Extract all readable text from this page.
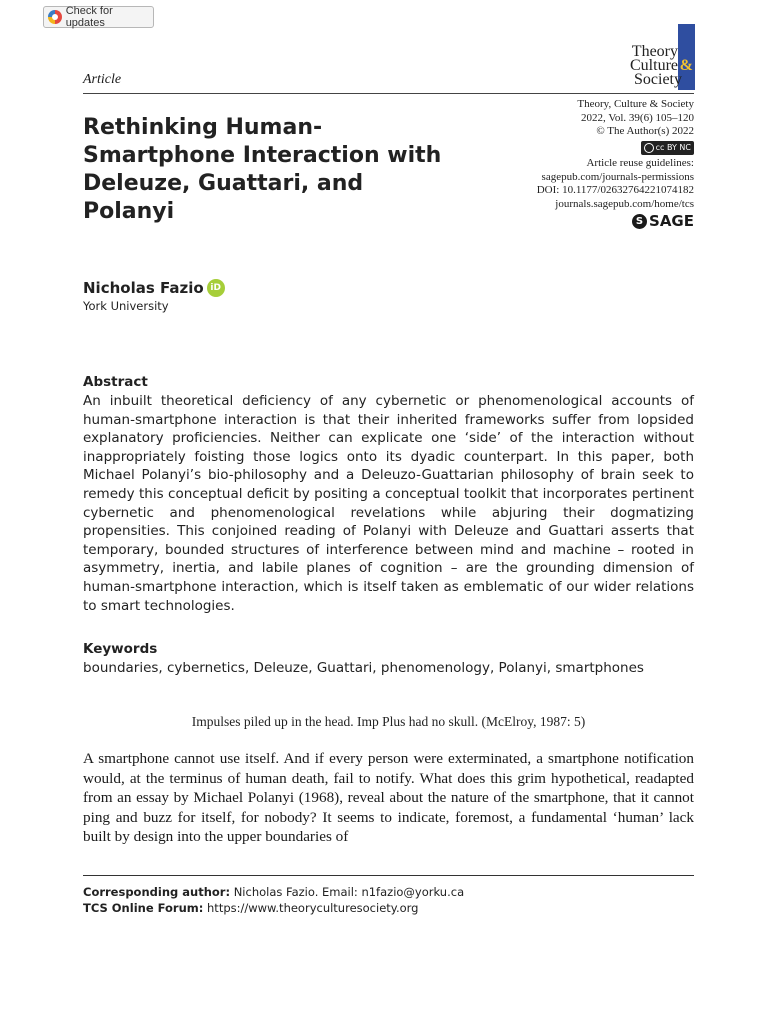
Check for updates
Theory
Culture &
Society
Article
Theory, Culture & Society
2022, Vol. 39(6) 105–120
© The Author(s) 2022
cc BY NC
Article reuse guidelines:
sagepub.com/journals-permissions
DOI: 10.1177/02632764221074182
journals.sagepub.com/home/tcs
S SAGE
Rethinking Human-Smartphone Interaction with Deleuze, Guattari, and Polanyi
Nicholas Fazio iD
York University
Abstract

An inbuilt theoretical deficiency of any cybernetic or phenomenological accounts of human-smartphone interaction is that their inherited frameworks suffer from lopsided explanatory proficiencies. Neither can explicate one ‘side’ of the interaction without inappropriately foisting those logics onto its dyadic counterpart. In this paper, both Michael Polanyi’s bio-philosophy and a Deleuzo-Guattarian philosophy of brain seek to remedy this conceptual deficit by positing a conceptual toolkit that incorporates pertinent cybernetic and phenomenological revelations while abjuring their dogmatizing propensities. This conjoined reading of Polanyi with Deleuze and Guattari asserts that temporary, bounded structures of interference between mind and machine – rooted in asymmetry, inertia, and labile planes of cognition – are the grounding dimension of human-smartphone interaction, which is itself taken as emblematic of our wider relations to smart technologies.

Keywords
boundaries, cybernetics, Deleuze, Guattari, phenomenology, Polanyi, smartphones
Impulses piled up in the head. Imp Plus had no skull. (McElroy, 1987: 5)

A smartphone cannot use itself. And if every person were exterminated, a smartphone notification would, at the terminus of human death, fail to notify. What does this grim hypothetical, readapted from an essay by Michael Polanyi (1968), reveal about the nature of the smartphone, that it cannot ping and buzz for itself, for nobody? It seems to indicate, foremost, a fundamental ‘human’ lack built by design into the upper boundaries of

Corresponding author: Nicholas Fazio. Email: n1fazio@yorku.ca
TCS Online Forum: https://www.theoryculturesociety.org
